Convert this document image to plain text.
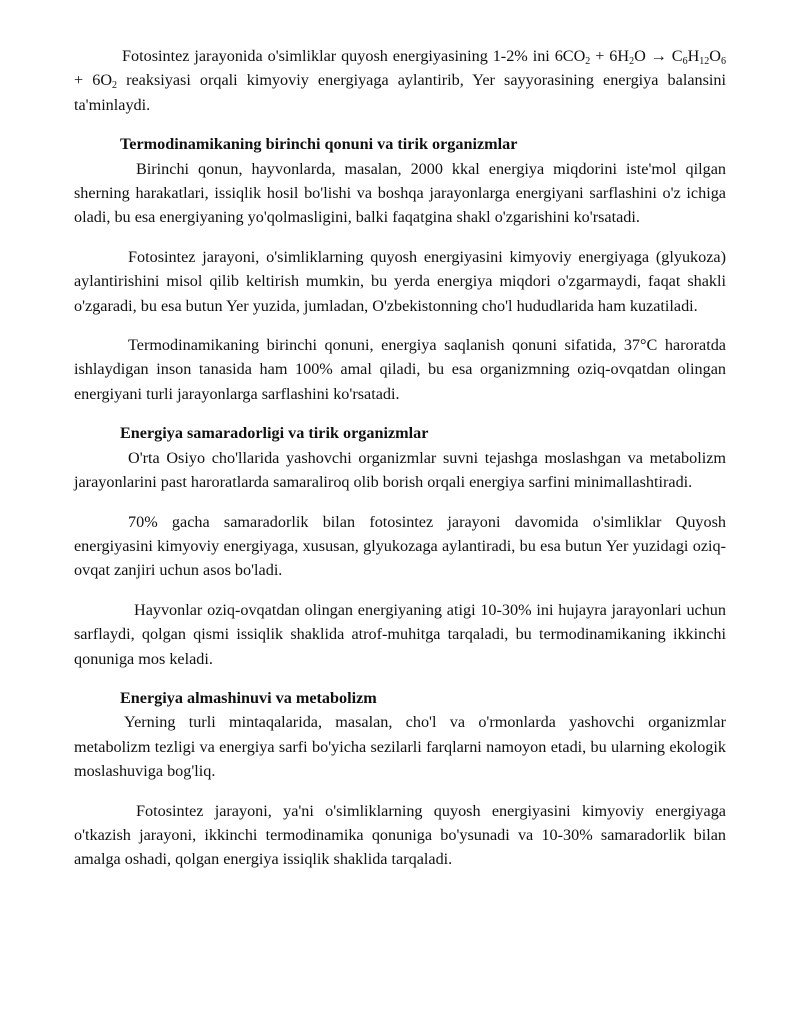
Fotosintez jarayonida o'simliklar quyosh energiyasining 1-2% ini $6CO_2 + 6H_2O \to C_6H_{12}O_6 + 6O_2$ reaksiyasi orqali kimyoviy energiyaga aylantirib, Yer sayyorasining energiya balansini ta'minlaydi.

Termodinamikaning birinchi qonuni va tirik organizmlar

Birinchi qonun, hayvonlarda, masalan, 2000 kkal energiya miqdorini iste'mol qilgan sherning harakatlari, issiqlik hosil bo'lishi va boshqa jarayonlarga energiyani sarflashini o'z ichiga oladi, bu esa energiyaning yo'qolmasligini, balki faqatgina shakl o'zgarishini ko'rsatadi.

Fotosintez jarayoni, o'simliklarning quyosh energiyasini kimyoviy energiyaga (glyukoza) aylantirishini misol qilib keltirish mumkin, bu yerda energiya miqdori o'zgarmaydi, faqat shakli o'zgaradi, bu esa butun Yer yuzida, jumladan, O'zbekistonning cho'l hududlarida ham kuzatiladi.

Termodinamikaning birinchi qonuni, energiya saqlanish qonuni sifatida, 37°C haroratda ishlaydigan inson tanasida ham 100% amal qiladi, bu esa organizmning oziq-ovqatdan olingan energiyani turli jarayonlarga sarflashini ko'rsatadi.

Energiya samaradorligi va tirik organizmlar

O'rta Osiyo cho'llarida yashovchi organizmlar suvni tejashga moslashgan va metabolizm jarayonlarini past haroratlarda samaraliroq olib borish orqali energiya sarfini minimallashtiradi.

70% gacha samaradorlik bilan fotosintez jarayoni davomida o'simliklar Quyosh energiyasini kimyoviy energiyaga, xususan, glyukozaga aylantiradi, bu esa butun Yer yuzidagi oziq-ovqat zanjiri uchun asos bo'ladi.

Hayvonlar oziq-ovqatdan olingan energiyaning atigi 10-30% ini hujayra jarayonlari uchun sarflaydi, qolgan qismi issiqlik shaklida atrof-muhitga tarqaladi, bu termodinamikaning ikkinchi qonuniga mos keladi.

Energiya almashinuvi va metabolizm

Yerning turli mintaqalarida, masalan, cho'l va o'rmonlarda yashovchi organizmlar metabolizm tezligi va energiya sarfi bo'yicha sezilarli farqlarni namoyon etadi, bu ularning ekologik moslashuviga bog'liq.

Fotosintez jarayoni, ya'ni o'simliklarning quyosh energiyasini kimyoviy energiyaga o'tkazish jarayoni, ikkinchi termodinamika qonuniga bo'ysunadi va 10-30% samaradorlik bilan amalga oshadi, qolgan energiya issiqlik shaklida tarqaladi.
